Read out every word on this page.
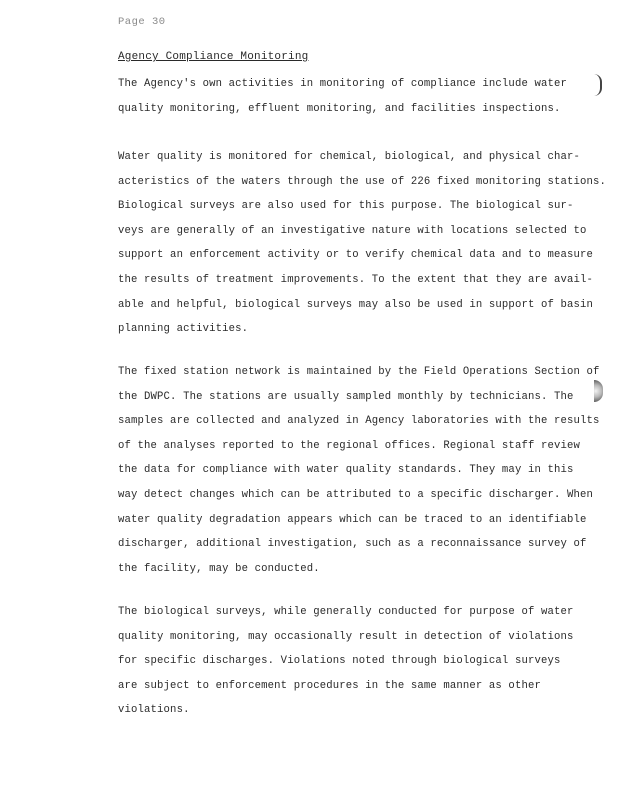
Page 30
Agency Compliance Monitoring
The Agency's own activities in monitoring of compliance include water
quality monitoring, effluent monitoring, and facilities inspections.
Water quality is monitored for chemical, biological, and physical char-
acteristics of the waters through the use of 226 fixed monitoring stations.
Biological surveys are also used for this purpose. The biological sur-
veys are generally of an investigative nature with locations selected to
support an enforcement activity or to verify chemical data and to measure
the results of treatment improvements. To the extent that they are avail-
able and helpful, biological surveys may also be used in support of basin
planning activities.
The fixed station network is maintained by the Field Operations Section of
the DWPC. The stations are usually sampled monthly by technicians. The
samples are collected and analyzed in Agency laboratories with the results
of the analyses reported to the regional offices. Regional staff review
the data for compliance with water quality standards. They may in this
way detect changes which can be attributed to a specific discharger. When
water quality degradation appears which can be traced to an identifiable
discharger, additional investigation, such as a reconnaissance survey of
the facility, may be conducted.
The biological surveys, while generally conducted for purpose of water
quality monitoring, may occasionally result in detection of violations
for specific discharges. Violations noted through biological surveys
are subject to enforcement procedures in the same manner as other
violations.
